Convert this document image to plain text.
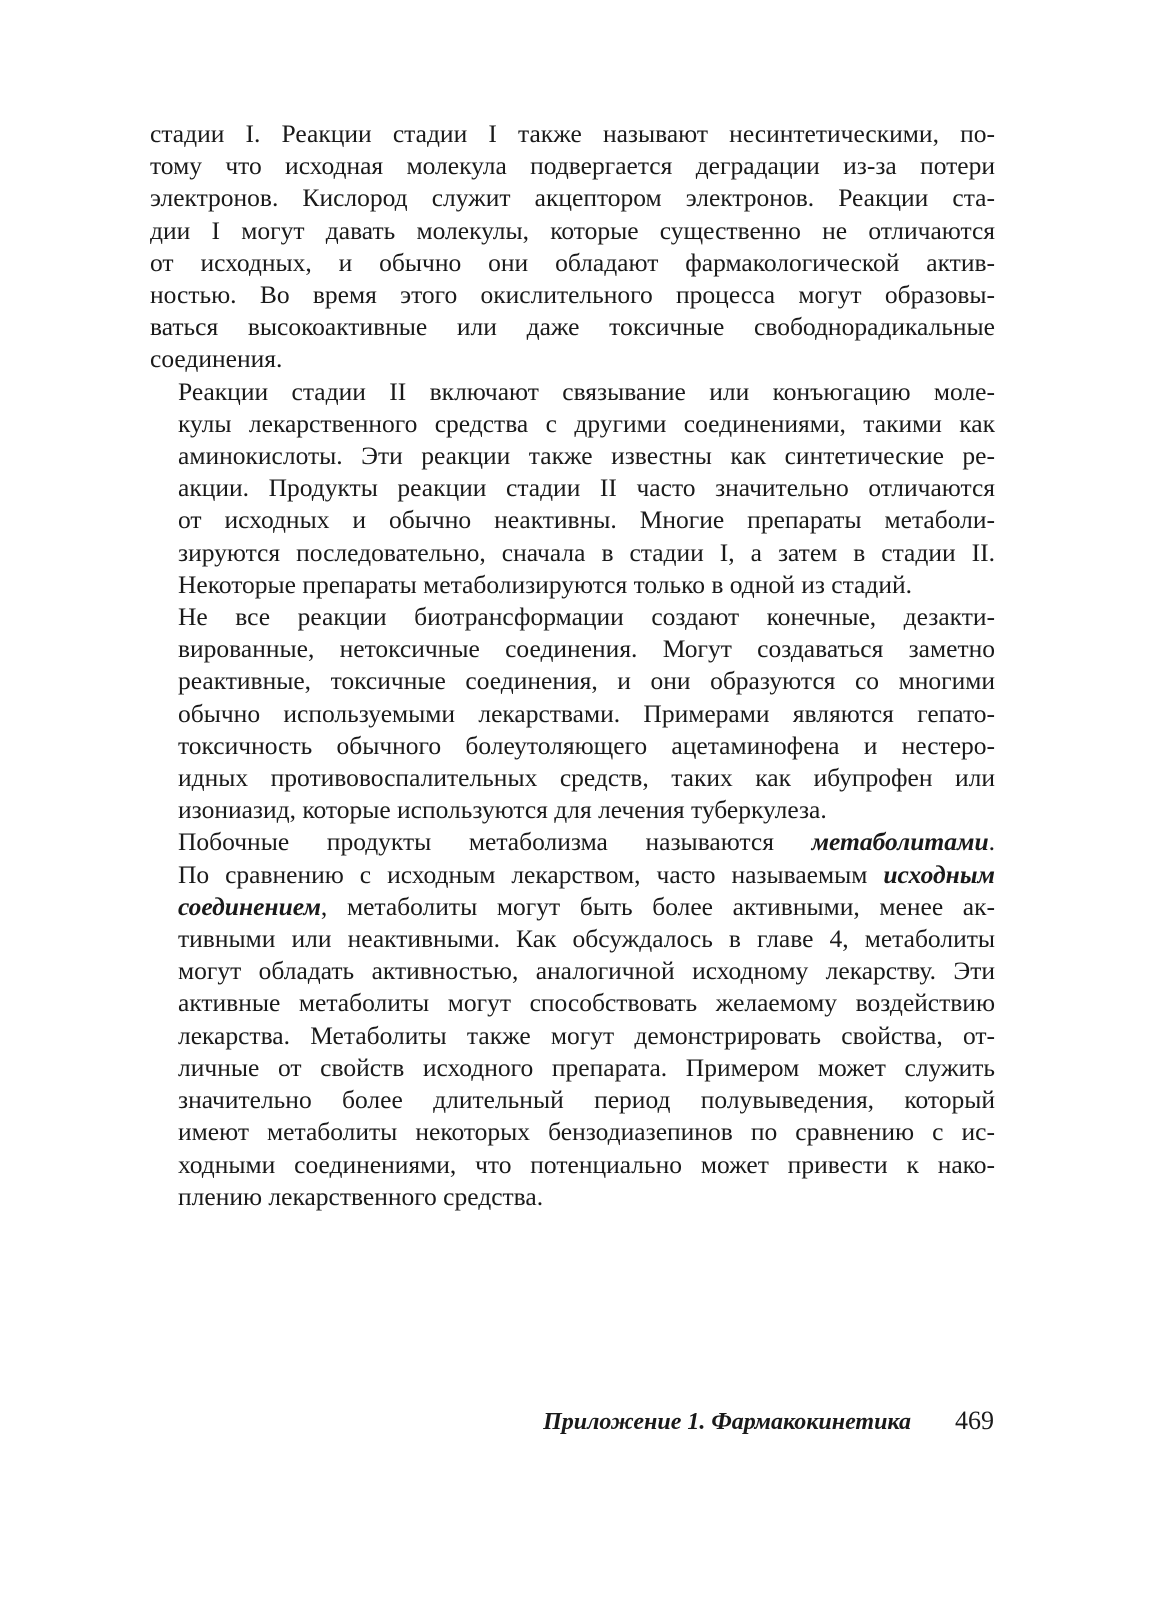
стадии I. Реакции стадии I также называют несинтетическими, по-
тому что исходная молекула подвергается деградации из-за потери
электронов. Кислород служит акцептором электронов. Реакции ста-
дии I могут давать молекулы, которые существенно не отличаются
от исходных, и обычно они обладают фармакологической актив-
ностью. Во время этого окислительного процесса могут образовы-
ваться высокоактивные или даже токсичные свободнорадикальные
соединения.

Реакции стадии II включают связывание или конъюгацию моле-
кулы лекарственного средства с другими соединениями, такими как
аминокислоты. Эти реакции также известны как синтетические ре-
акции. Продукты реакции стадии II часто значительно отличаются
от исходных и обычно неактивны. Многие препараты метаболи-
зируются последовательно, сначала в стадии I, а затем в стадии II.
Некоторые препараты метаболизируются только в одной из стадий.

Не все реакции биотрансформации создают конечные, дезакти-
вированные, нетоксичные соединения. Могут создаваться заметно
реактивные, токсичные соединения, и они образуются со многими
обычно используемыми лекарствами. Примерами являются гепато-
токсичность обычного болеутоляющего ацетаминофена и нестеро-
идных противовоспалительных средств, таких как ибупрофен или
изониазид, которые используются для лечения туберкулеза.

Побочные продукты метаболизма называются метаболитами.
По сравнению с исходным лекарством, часто называемым исходным
соединением, метаболиты могут быть более активными, менее ак-
тивными или неактивными. Как обсуждалось в главе 4, метаболиты
могут обладать активностью, аналогичной исходному лекарству. Эти
активные метаболиты могут способствовать желаемому воздействию
лекарства. Метаболиты также могут демонстрировать свойства, от-
личные от свойств исходного препарата. Примером может служить
значительно более длительный период полувыведения, который
имеют метаболиты некоторых бензодиазепинов по сравнению с ис-
ходными соединениями, что потенциально может привести к нако-
плению лекарственного средства.

Приложение 1. Фармакокинетика 469
